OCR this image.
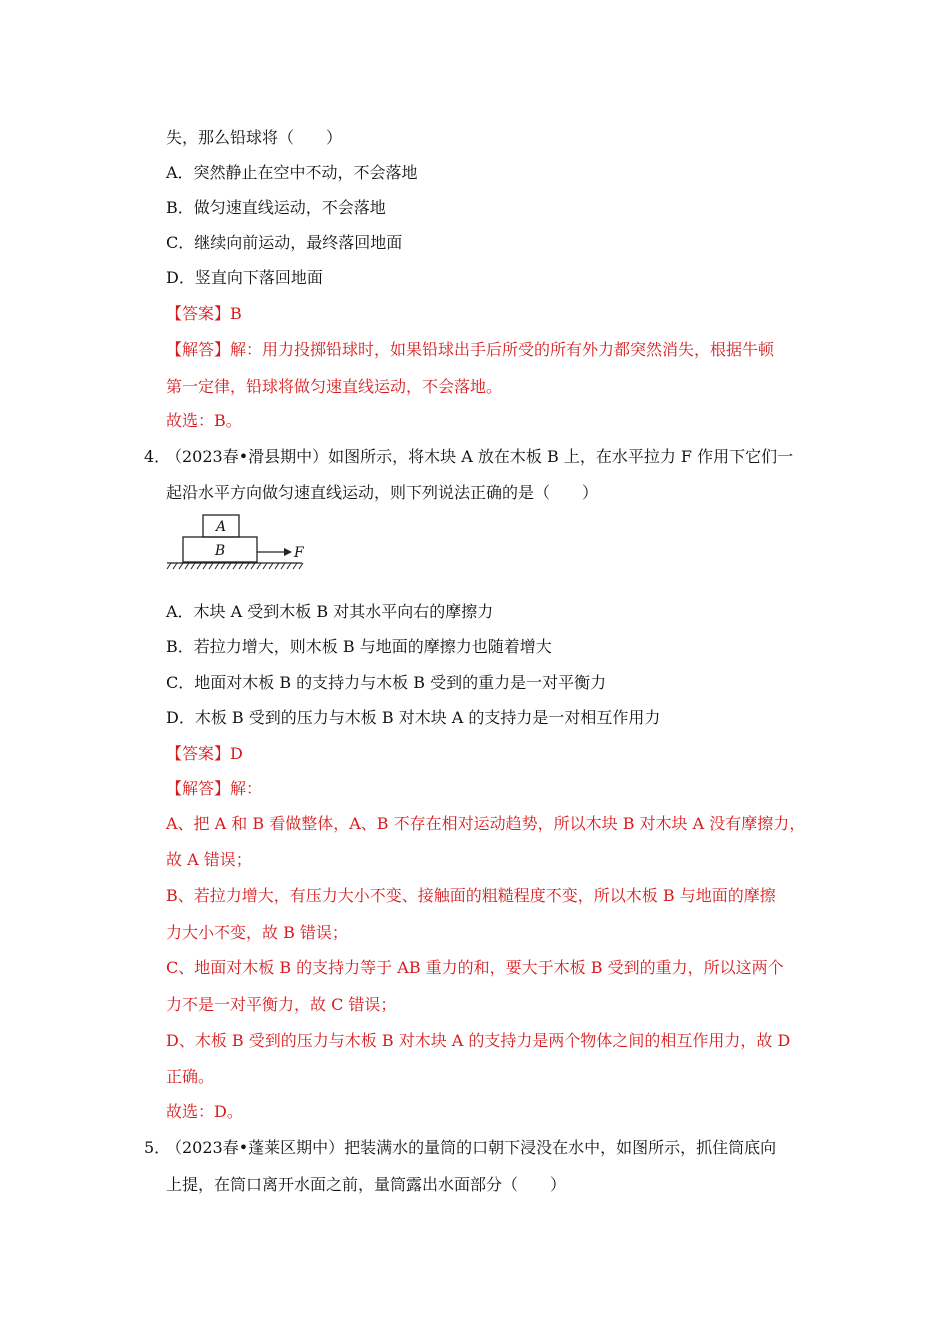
失，那么铅球将（　　）
A．突然静止在空中不动，不会落地
B．做匀速直线运动，不会落地
C．继续向前运动，最终落回地面
D．竖直向下落回地面
【答案】B
【解答】解：用力投掷铅球时，如果铅球出手后所受的所有外力都突然消失，根据牛顿
第一定律，铅球将做匀速直线运动，不会落地。
故选：B。
4．
（2023春•滑县期中）如图所示，将木块 A 放在木板 B 上，在水平拉力 F 作用下它们一
起沿水平方向做匀速直线运动，则下列说法正确的是（　　）
A
B	F
A．木块 A 受到木板 B 对其水平向右的摩擦力
B．若拉力增大，则木板 B 与地面的摩擦力也随着增大
C．地面对木板 B 的支持力与木板 B 受到的重力是一对平衡力
D．木板 B 受到的压力与木板 B 对木块 A 的支持力是一对相互作用力
【答案】D
【解答】解：
A、把 A 和 B 看做整体，A、B 不存在相对运动趋势，所以木块 B 对木块 A 没有摩擦力，
故 A 错误；
B、若拉力增大，有压力大小不变、接触面的粗糙程度不变，所以木板 B 与地面的摩擦
力大小不变，故 B 错误；
C、地面对木板 B 的支持力等于 AB 重力的和，要大于木板 B 受到的重力，所以这两个
力不是一对平衡力，故 C 错误；
D、木板 B 受到的压力与木板 B 对木块 A 的支持力是两个物体之间的相互作用力，故 D
正确。
故选：D。
5．
（2023春•蓬莱区期中）把装满水的量筒的口朝下浸没在水中，如图所示，抓住筒底向
上提，在筒口离开水面之前，量筒露出水面部分（　　）
